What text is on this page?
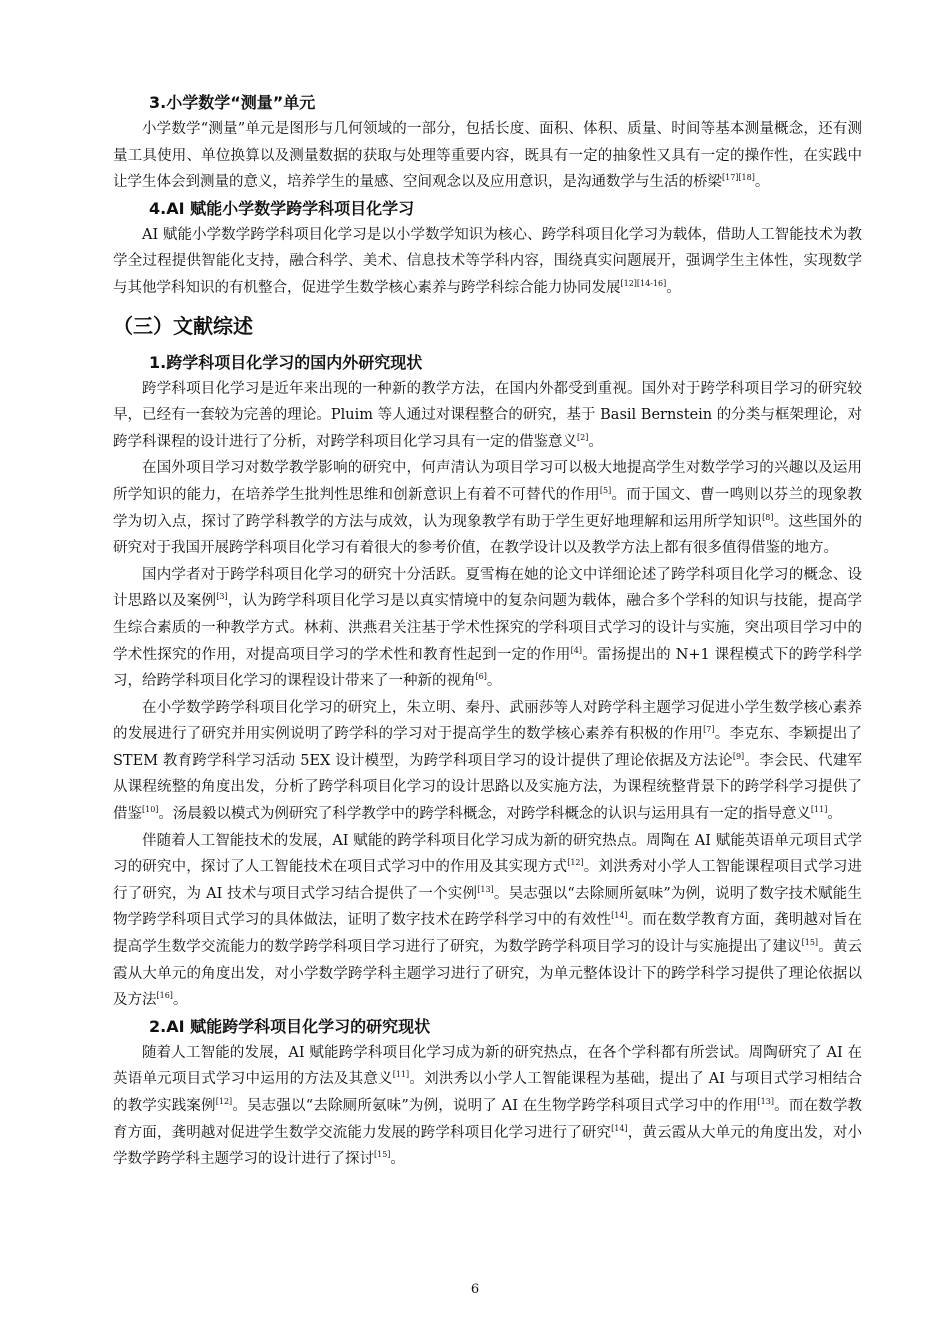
3.小学数学“测量”单元

小学数学“测量”单元是图形与几何领域的一部分，包括长度、面积、体积、质量、时间等基本测量概念，还有测量工具使用、单位换算以及测量数据的获取与处理等重要内容，既具有一定的抽象性又具有一定的操作性，在实践中让学生体会到测量的意义，培养学生的量感、空间观念以及应用意识，是沟通数学与生活的桥梁[17][18]。

4.AI 赋能小学数学跨学科项目化学习

AI 赋能小学数学跨学科项目化学习是以小学数学知识为核心、跨学科项目化学习为载体，借助人工智能技术为教学全过程提供智能化支持，融合科学、美术、信息技术等学科内容，围绕真实问题展开，强调学生主体性，实现数学与其他学科知识的有机整合，促进学生数学核心素养与跨学科综合能力协同发展[12][14-16]。

（三）文献综述
1.跨学科项目化学习的国内外研究现状

跨学科项目化学习是近年来出现的一种新的教学方法，在国内外都受到重视。国外对于跨学科项目学习的研究较早，已经有一套较为完善的理论。Pluim 等人通过对课程整合的研究，基于 Basil Bernstein 的分类与框架理论，对跨学科课程的设计进行了分析，对跨学科项目化学习具有一定的借鉴意义[2]。

在国外项目学习对数学教学影响的研究中，何声清认为项目学习可以极大地提高学生对数学学习的兴趣以及运用所学知识的能力，在培养学生批判性思维和创新意识上有着不可替代的作用[5]。而于国文、曹一鸣则以芬兰的现象教学为切入点，探讨了跨学科教学的方法与成效，认为现象教学有助于学生更好地理解和运用所学知识[8]。这些国外的研究对于我国开展跨学科项目化学习有着很大的参考价值，在教学设计以及教学方法上都有很多值得借鉴的地方。

国内学者对于跨学科项目化学习的研究十分活跃。夏雪梅在她的论文中详细论述了跨学科项目化学习的概念、设计思路以及案例[3]，认为跨学科项目化学习是以真实情境中的复杂问题为载体，融合多个学科的知识与技能，提高学生综合素质的一种教学方式。林莉、洪燕君关注基于学术性探究的学科项目式学习的设计与实施，突出项目学习中的学术性探究的作用，对提高项目学习的学术性和教育性起到一定的作用[4]。雷扬提出的 N+1 课程模式下的跨学科学习，给跨学科项目化学习的课程设计带来了一种新的视角[6]。

在小学数学跨学科项目化学习的研究上，朱立明、秦丹、武丽莎等人对跨学科主题学习促进小学生数学核心素养的发展进行了研究并用实例说明了跨学科的学习对于提高学生的数学核心素养有积极的作用[7]。李克东、李颖提出了 STEM 教育跨学科学习活动 5EX 设计模型，为跨学科项目学习的设计提供了理论依据及方法论[9]。李会民、代建军从课程统整的角度出发，分析了跨学科项目化学习的设计思路以及实施方法，为课程统整背景下的跨学科学习提供了借鉴[10]。汤晨毅以模式为例研究了科学教学中的跨学科概念，对跨学科概念的认识与运用具有一定的指导意义[11]。

伴随着人工智能技术的发展，AI 赋能的跨学科项目化学习成为新的研究热点。周陶在 AI 赋能英语单元项目式学习的研究中，探讨了人工智能技术在项目式学习中的作用及其实现方式[12]。刘洪秀对小学人工智能课程项目式学习进行了研究，为 AI 技术与项目式学习结合提供了一个实例[13]。吴志强以“去除厕所氨味”为例，说明了数字技术赋能生物学跨学科项目式学习的具体做法，证明了数字技术在跨学科学习中的有效性[14]。而在数学教育方面，龚明越对旨在提高学生数学交流能力的数学跨学科项目学习进行了研究，为数学跨学科项目学习的设计与实施提出了建议[15]。黄云霞从大单元的角度出发，对小学数学跨学科主题学习进行了研究，为单元整体设计下的跨学科学习提供了理论依据以及方法[16]。

2.AI 赋能跨学科项目化学习的研究现状

随着人工智能的发展，AI 赋能跨学科项目化学习成为新的研究热点，在各个学科都有所尝试。周陶研究了 AI 在英语单元项目式学习中运用的方法及其意义[11]。刘洪秀以小学人工智能课程为基础，提出了 AI 与项目式学习相结合的教学实践案例[12]。吴志强以“去除厕所氨味”为例，说明了 AI 在生物学跨学科项目式学习中的作用[13]。而在数学教育方面，龚明越对促进学生数学交流能力发展的跨学科项目化学习进行了研究[14]，黄云霞从大单元的角度出发，对小学数学跨学科主题学习的设计进行了探讨[15]。

6
